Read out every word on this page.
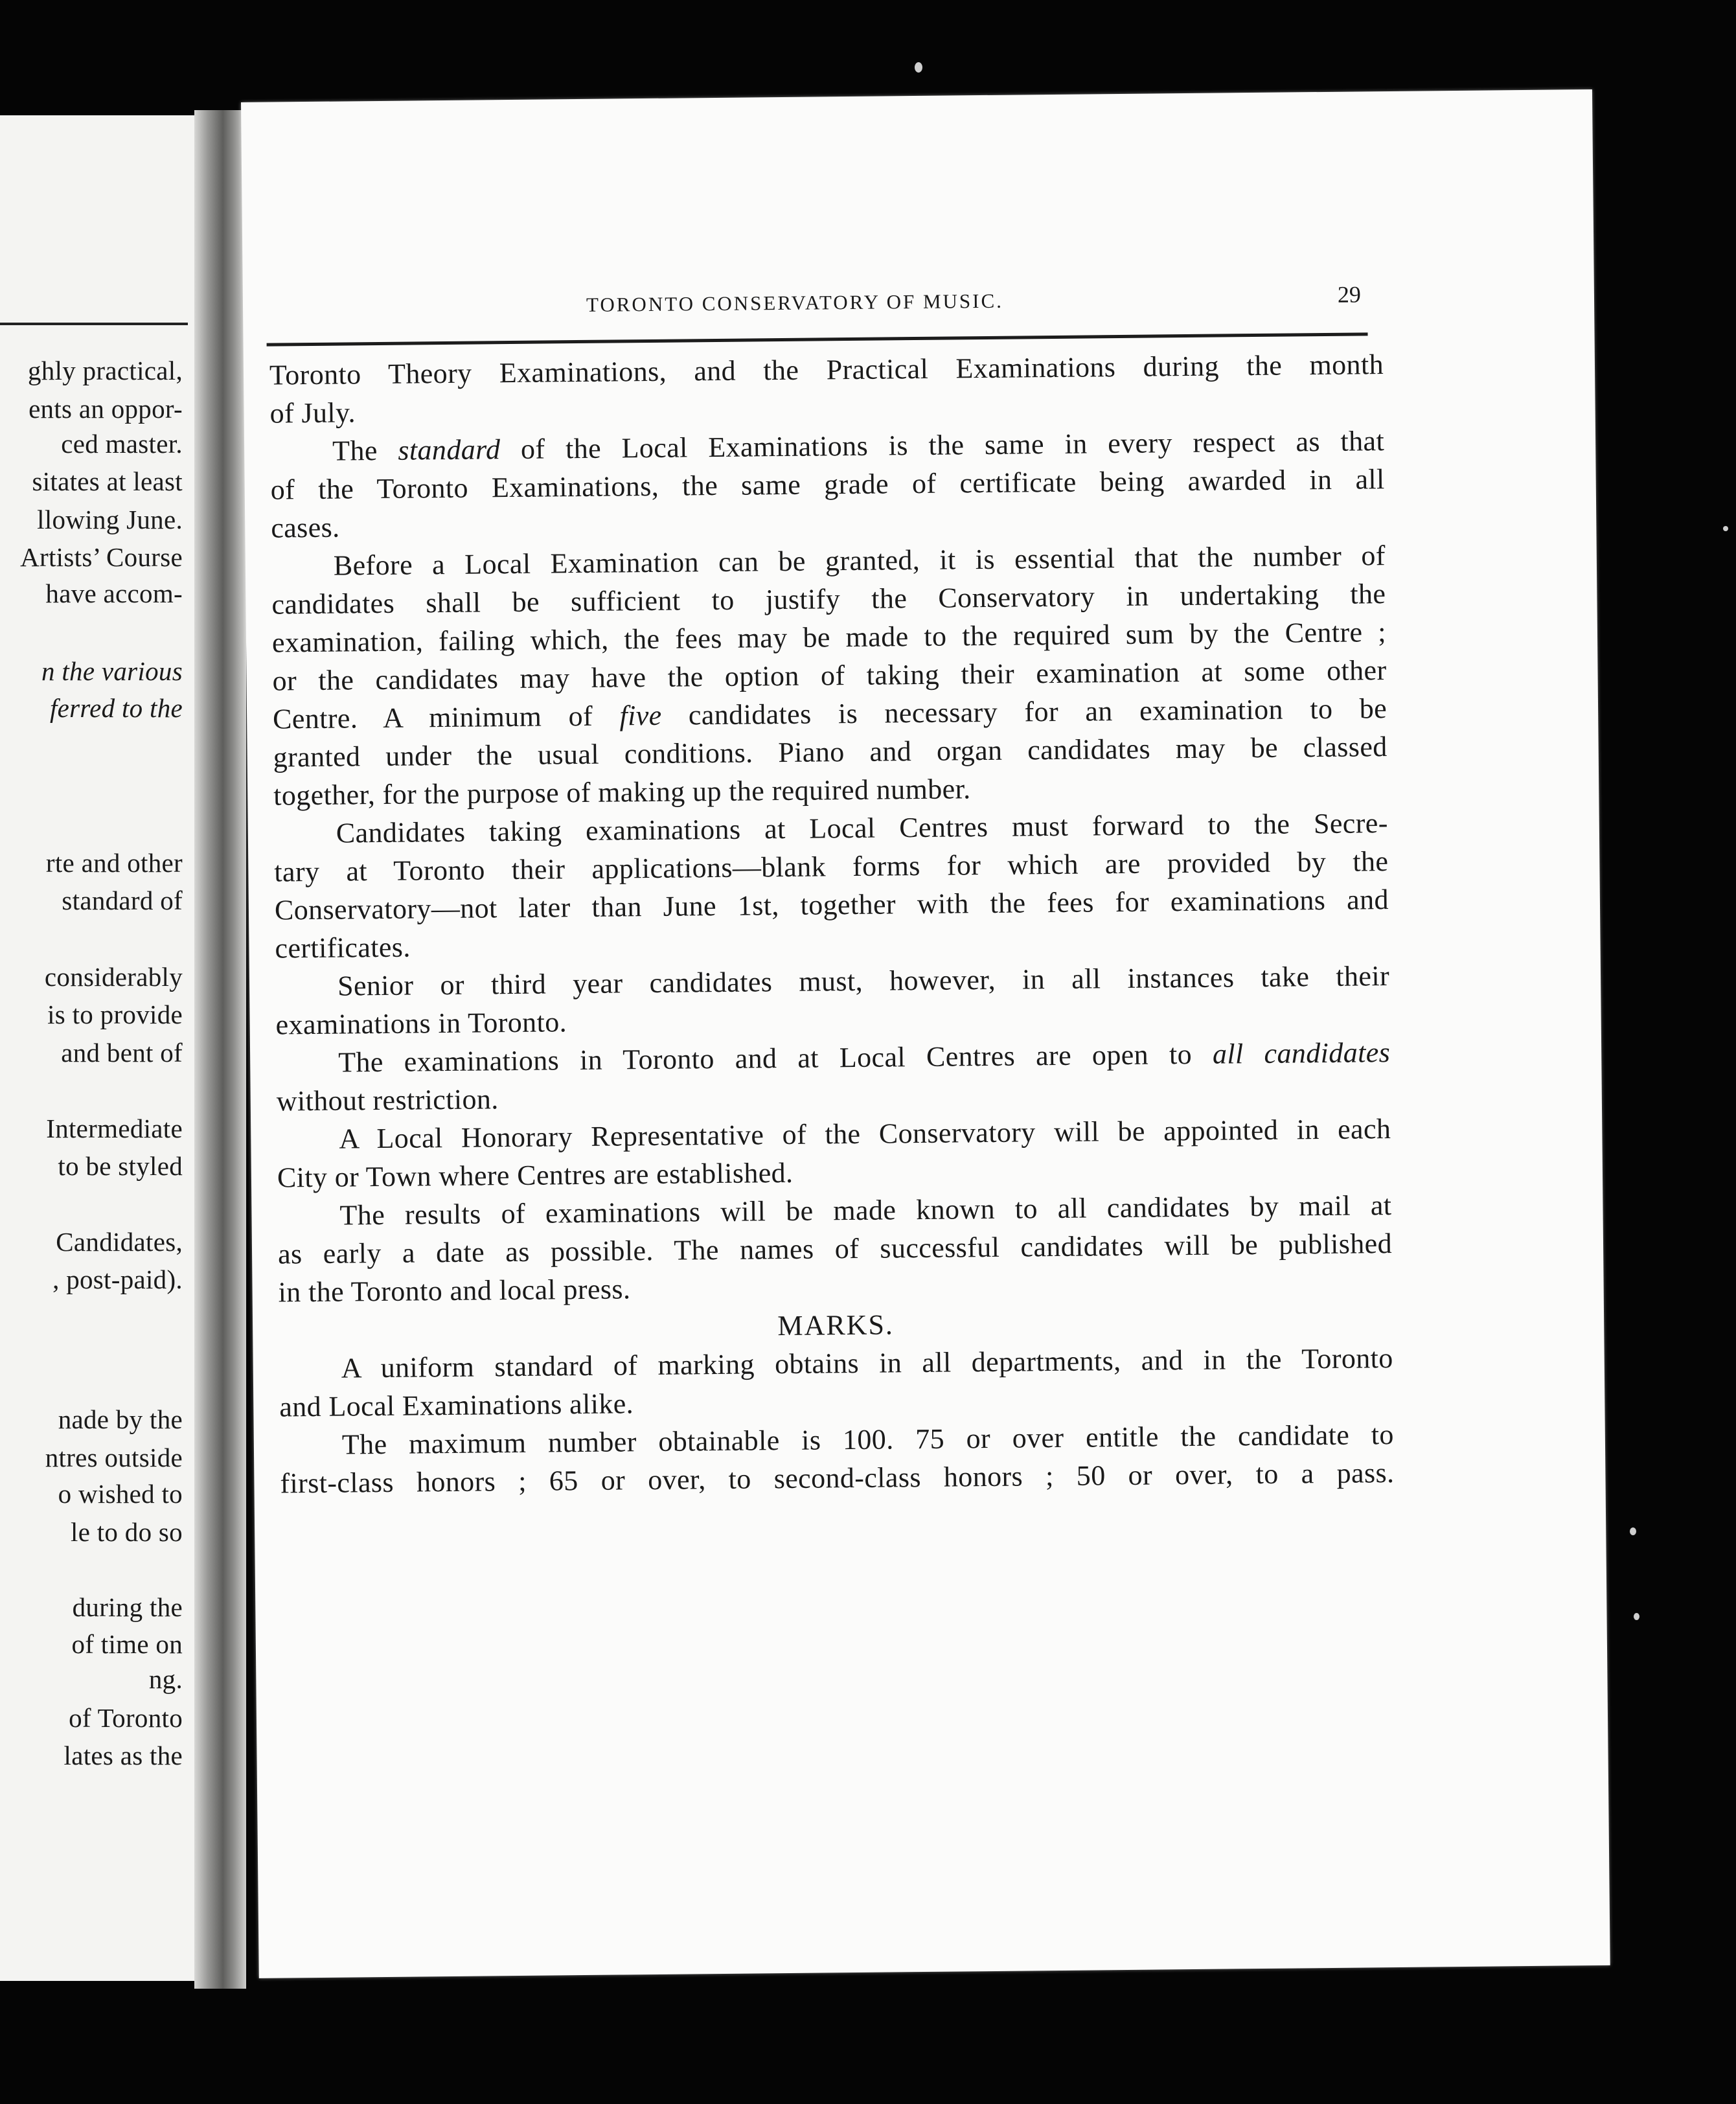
ghly practical,
ents an oppor-
ced master.
sitates at least
llowing June.
Artists’ Course
have accom-
n the various
ferred to the
rte and other
standard of
considerably
is to provide
and bent of
Intermediate
to be styled
Candidates,
, post-paid).
nade by the
ntres outside
o wished to
le to do so
during the
of time on
ng.
of Toronto
lates as the
TORONTO CONSERVATORY OF MUSIC.	29
Toronto Theory Examinations, and the Practical Examinations during the month
of July.
The standard of the Local Examinations is the same in every respect as that
of the Toronto Examinations, the same grade of certificate being awarded in all
cases.
Before a Local Examination can be granted, it is essential that the number of
candidates shall be sufficient to justify the Conservatory in undertaking the
examination, failing which, the fees may be made to the required sum by the Centre ;
or the candidates may have the option of taking their examination at some other
Centre. A minimum of five candidates is necessary for an examination to be
granted under the usual conditions. Piano and organ candidates may be classed
together, for the purpose of making up the required number.
Candidates taking examinations at Local Centres must forward to the Secre-
tary at Toronto their applications—blank forms for which are provided by the
Conservatory—not later than June 1st, together with the fees for examinations and
certificates.
Senior or third year candidates must, however, in all instances take their
examinations in Toronto.
The examinations in Toronto and at Local Centres are open to all candidates
without restriction.
A Local Honorary Representative of the Conservatory will be appointed in each
City or Town where Centres are established.
The results of examinations will be made known to all candidates by mail at
as early a date as possible. The names of successful candidates will be published
in the Toronto and local press.
MARKS.
A uniform standard of marking obtains in all departments, and in the Toronto
and Local Examinations alike.
The maximum number obtainable is 100. 75 or over entitle the candidate to
first-class honors ; 65 or over, to second-class honors ; 50 or over, to a pass.
